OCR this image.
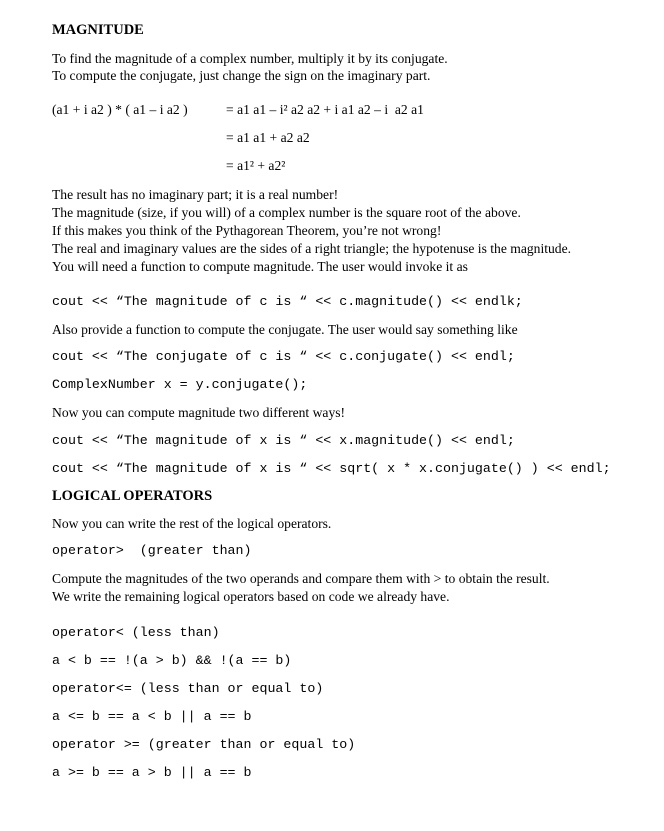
MAGNITUDE
To find the magnitude of a complex number, multiply it by its conjugate.
To compute the conjugate, just change the sign on the imaginary part.
(a1 + i a2 ) * ( a1 – i a2 )	= a1 a1 – i² a2 a2 + i a1 a2 – i  a2 a1
= a1 a1 + a2 a2
= a1² + a2²
The result has no imaginary part; it is a real number!
The magnitude (size, if you will) of a complex number is the square root of the above.
If this makes you think of the Pythagorean Theorem, you’re not wrong!
The real and imaginary values are the sides of a right triangle; the hypotenuse is the magnitude.
You will need a function to compute magnitude. The user would invoke it as
cout << “The magnitude of c is “ << c.magnitude() << endlk;
Also provide a function to compute the conjugate. The user would say something like
cout << “The conjugate of c is “ << c.conjugate() << endl;
ComplexNumber x = y.conjugate();
Now you can compute magnitude two different ways!
cout << “The magnitude of x is “ << x.magnitude() << endl;
cout << “The magnitude of x is “ << sqrt( x * x.conjugate() ) << endl;
LOGICAL OPERATORS
Now you can write the rest of the logical operators.
operator>  (greater than)
Compute the magnitudes of the two operands and compare them with > to obtain the result.
We write the remaining logical operators based on code we already have.
operator< (less than)
a < b == !(a > b) && !(a == b)
operator<= (less than or equal to)
a <= b == a < b || a == b
operator >= (greater than or equal to)
a >= b == a > b || a == b
